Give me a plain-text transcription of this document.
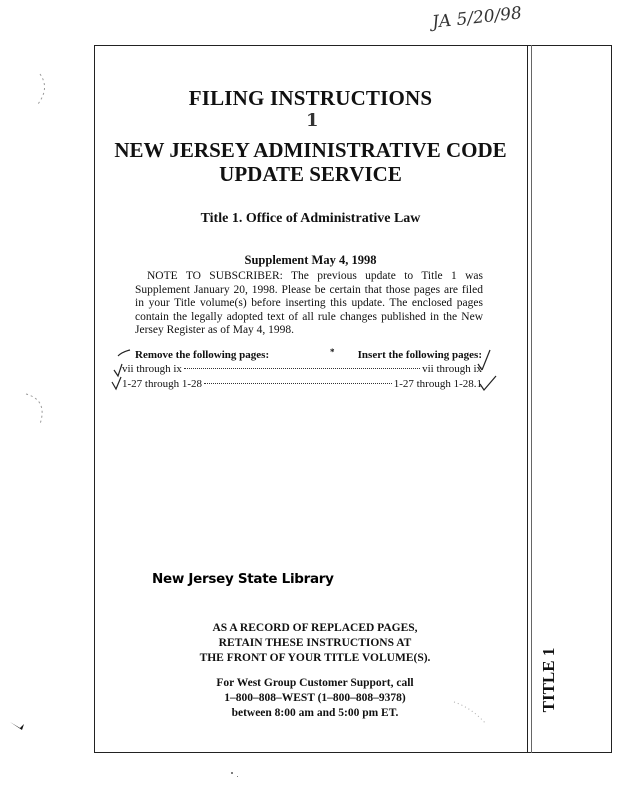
JA 5/20/98
FILING INSTRUCTIONS
1
NEW JERSEY ADMINISTRATIVE CODE
UPDATE SERVICE
Title 1. Office of Administrative Law
Supplement May 4, 1998

NOTE TO SUBSCRIBER: The previous update to Title 1 was Supplement January 20, 1998. Please be certain that those pages are filed in your Title volume(s) before inserting this update. The enclosed pages contain the legally adopted text of all rule changes published in the New Jersey Register as of May 4, 1998.

Remove the following pages:	*	Insert the following pages:
vii through ix	vii through ix
1-27 through 1-28	1-27 through 1-28.1
New Jersey State Library
AS A RECORD OF REPLACED PAGES,
RETAIN THESE INSTRUCTIONS AT
THE FRONT OF YOUR TITLE VOLUME(S).
For West Group Customer Support, call
1–800–808–WEST (1–800–808–9378)
between 8:00 am and 5:00 pm ET.
TITLE 1
